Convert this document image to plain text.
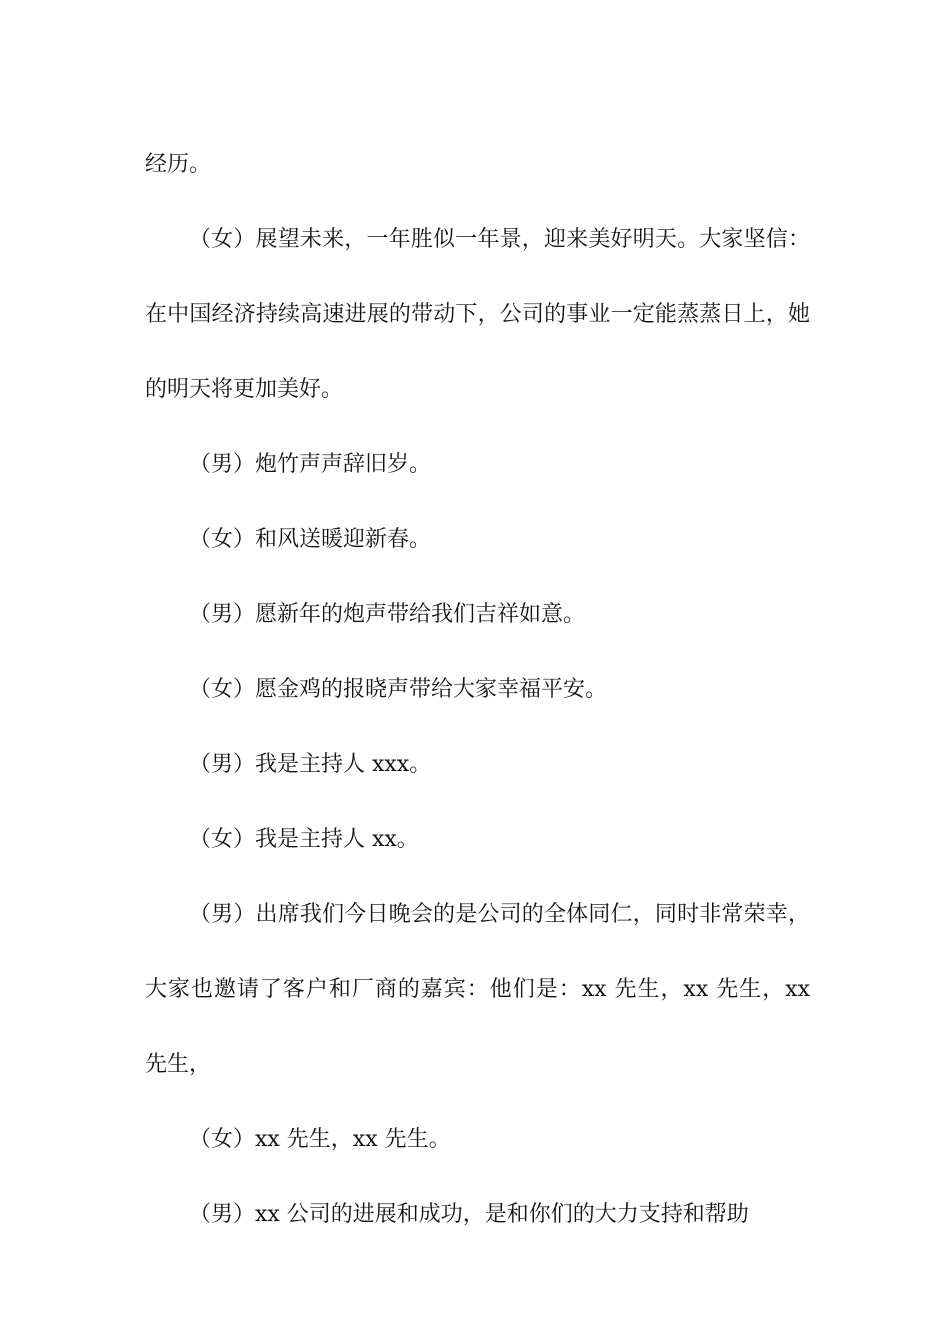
经历。

（女）展望未来，一年胜似一年景，迎来美好明天。大家坚信：在中国经济持续高速进展的带动下，公司的事业一定能蒸蒸日上，她的明天将更加美好。

（男）炮竹声声辞旧岁。

（女）和风送暖迎新春。

（男）愿新年的炮声带给我们吉祥如意。

（女）愿金鸡的报晓声带给大家幸福平安。

（男）我是主持人 xxx。

（女）我是主持人 xx。

（男）出席我们今日晚会的是公司的全体同仁，同时非常荣幸，大家也邀请了客户和厂商的嘉宾：他们是：xx 先生，xx 先生，xx 先生，

（女）xx 先生，xx 先生。

（男）xx 公司的进展和成功，是和你们的大力支持和帮助
